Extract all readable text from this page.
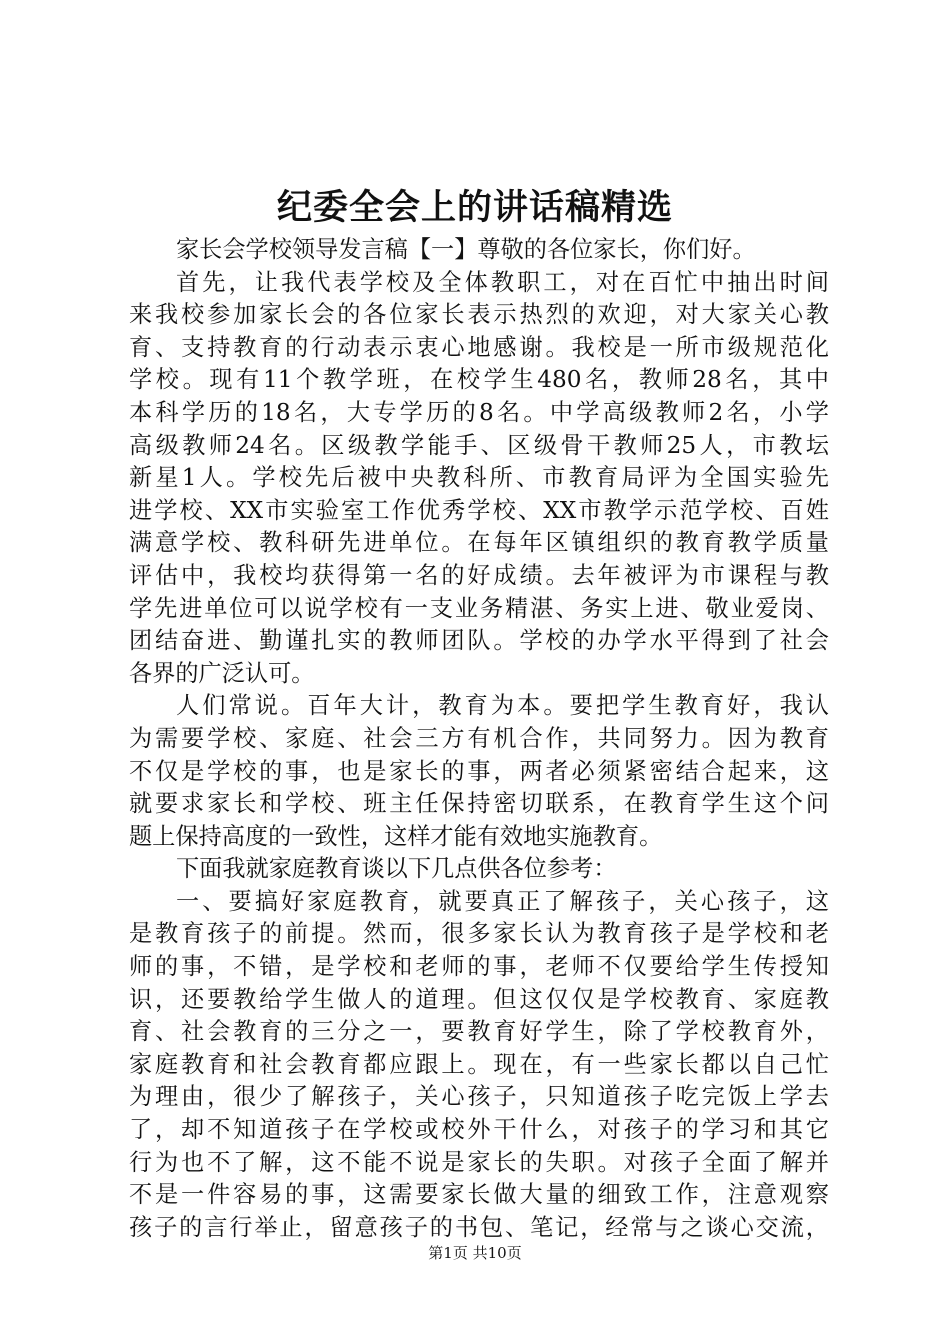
纪委全会上的讲话稿精选
家长会学校领导发言稿【一】尊敬的各位家长，你们好。
首先，让我代表学校及全体教职工，对在百忙中抽出时间
来我校参加家长会的各位家长表示热烈的欢迎，对大家关心教
育、支持教育的行动表示衷心地感谢。我校是一所市级规范化
学校。现有11个教学班，在校学生480名，教师28名，其中
本科学历的18名，大专学历的8名。中学高级教师2名，小学
高级教师24名。区级教学能手、区级骨干教师25人，市教坛
新星1人。学校先后被中央教科所、市教育局评为全国实验先
进学校、XX市实验室工作优秀学校、XX市教学示范学校、百姓
满意学校、教科研先进单位。在每年区镇组织的教育教学质量
评估中，我校均获得第一名的好成绩。去年被评为市课程与教
学先进单位可以说学校有一支业务精湛、务实上进、敬业爱岗、
团结奋进、勤谨扎实的教师团队。学校的办学水平得到了社会
各界的广泛认可。
人们常说。百年大计，教育为本。要把学生教育好，我认
为需要学校、家庭、社会三方有机合作，共同努力。因为教育
不仅是学校的事，也是家长的事，两者必须紧密结合起来，这
就要求家长和学校、班主任保持密切联系，在教育学生这个问
题上保持高度的一致性，这样才能有效地实施教育。
下面我就家庭教育谈以下几点供各位参考：
一、要搞好家庭教育，就要真正了解孩子，关心孩子，这
是教育孩子的前提。然而，很多家长认为教育孩子是学校和老
师的事，不错，是学校和老师的事，老师不仅要给学生传授知
识，还要教给学生做人的道理。但这仅仅是学校教育、家庭教
育、社会教育的三分之一，要教育好学生，除了学校教育外，
家庭教育和社会教育都应跟上。现在，有一些家长都以自己忙
为理由，很少了解孩子，关心孩子，只知道孩子吃完饭上学去
了，却不知道孩子在学校或校外干什么，对孩子的学习和其它
行为也不了解，这不能不说是家长的失职。对孩子全面了解并
不是一件容易的事，这需要家长做大量的细致工作，注意观察
孩子的言行举止，留意孩子的书包、笔记，经常与之谈心交流，
第1页 共10页
